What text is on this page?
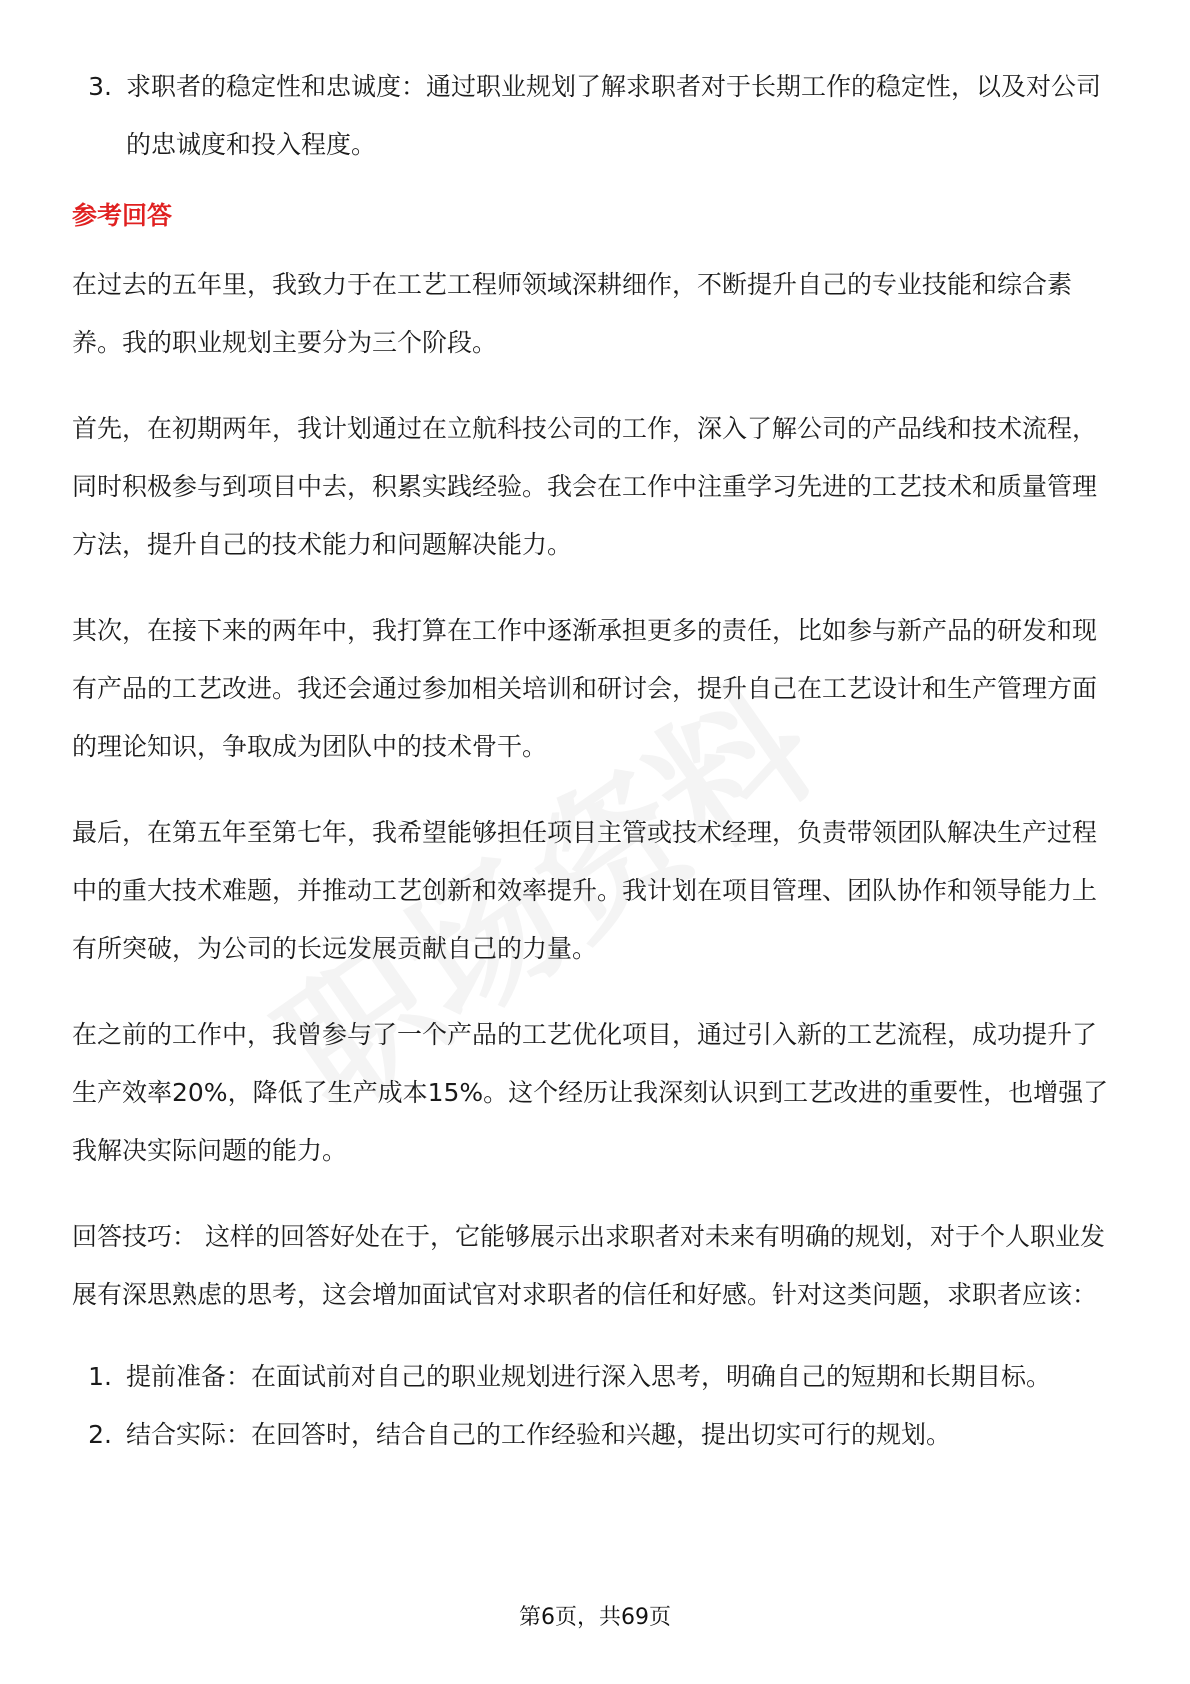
3. 求职者的稳定性和忠诚度：通过职业规划了解求职者对于长期工作的稳定性，以及对公司的忠诚度和投入程度。
参考回答

在过去的五年里，我致力于在工艺工程师领域深耕细作，不断提升自己的专业技能和综合素养。我的职业规划主要分为三个阶段。

首先，在初期两年，我计划通过在立航科技公司的工作，深入了解公司的产品线和技术流程，同时积极参与到项目中去，积累实践经验。我会在工作中注重学习先进的工艺技术和质量管理方法，提升自己的技术能力和问题解决能力。

其次，在接下来的两年中，我打算在工作中逐渐承担更多的责任，比如参与新产品的研发和现有产品的工艺改进。我还会通过参加相关培训和研讨会，提升自己在工艺设计和生产管理方面的理论知识，争取成为团队中的技术骨干。

最后，在第五年至第七年，我希望能够担任项目主管或技术经理，负责带领团队解决生产过程中的重大技术难题，并推动工艺创新和效率提升。我计划在项目管理、团队协作和领导能力上有所突破，为公司的长远发展贡献自己的力量。

在之前的工作中，我曾参与了一个产品的工艺优化项目，通过引入新的工艺流程，成功提升了生产效率20%，降低了生产成本15%。这个经历让我深刻认识到工艺改进的重要性，也增强了我解决实际问题的能力。

回答技巧： 这样的回答好处在于，它能够展示出求职者对未来有明确的规划，对于个人职业发展有深思熟虑的思考，这会增加面试官对求职者的信任和好感。针对这类问题，求职者应该：

1. 提前准备：在面试前对自己的职业规划进行深入思考，明确自己的短期和长期目标。
2. 结合实际：在回答时，结合自己的工作经验和兴趣，提出切实可行的规划。
第6页，共69页
